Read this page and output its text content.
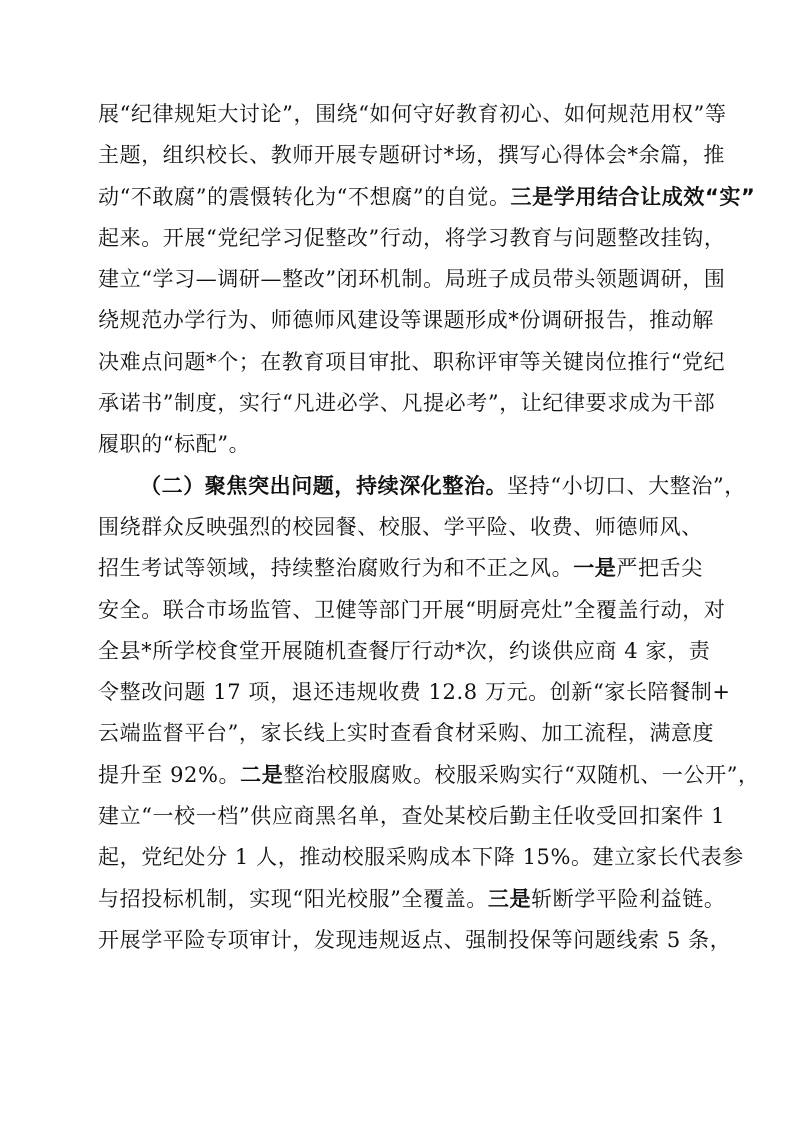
展“纪律规矩大讨论”，围绕“如何守好教育初心、如何规范用权”等
主题，组织校长、教师开展专题研讨*场，撰写心得体会*余篇，推
动“不敢腐”的震慑转化为“不想腐”的自觉。三是学用结合让成效“实”
起来。开展“党纪学习促整改”行动，将学习教育与问题整改挂钩，
建立“学习—调研—整改”闭环机制。局班子成员带头领题调研，围
绕规范办学行为、师德师风建设等课题形成*份调研报告，推动解
决难点问题*个；在教育项目审批、职称评审等关键岗位推行“党纪
承诺书”制度，实行“凡进必学、凡提必考”，让纪律要求成为干部
履职的“标配”。
（二）聚焦突出问题，持续深化整治。坚持“小切口、大整治”，
围绕群众反映强烈的校园餐、校服、学平险、收费、师德师风、
招生考试等领域，持续整治腐败行为和不正之风。一是严把舌尖
安全。联合市场监管、卫健等部门开展“明厨亮灶”全覆盖行动，对
全县*所学校食堂开展随机查餐厅行动*次，约谈供应商 4 家，责
令整改问题 17 项，退还违规收费 12.8 万元。创新“家长陪餐制+
云端监督平台”，家长线上实时查看食材采购、加工流程，满意度
提升至 92%。二是整治校服腐败。校服采购实行“双随机、一公开”，
建立“一校一档”供应商黑名单，查处某校后勤主任收受回扣案件 1
起，党纪处分 1 人，推动校服采购成本下降 15%。建立家长代表参
与招投标机制，实现“阳光校服”全覆盖。三是斩断学平险利益链。
开展学平险专项审计，发现违规返点、强制投保等问题线索 5 条，
